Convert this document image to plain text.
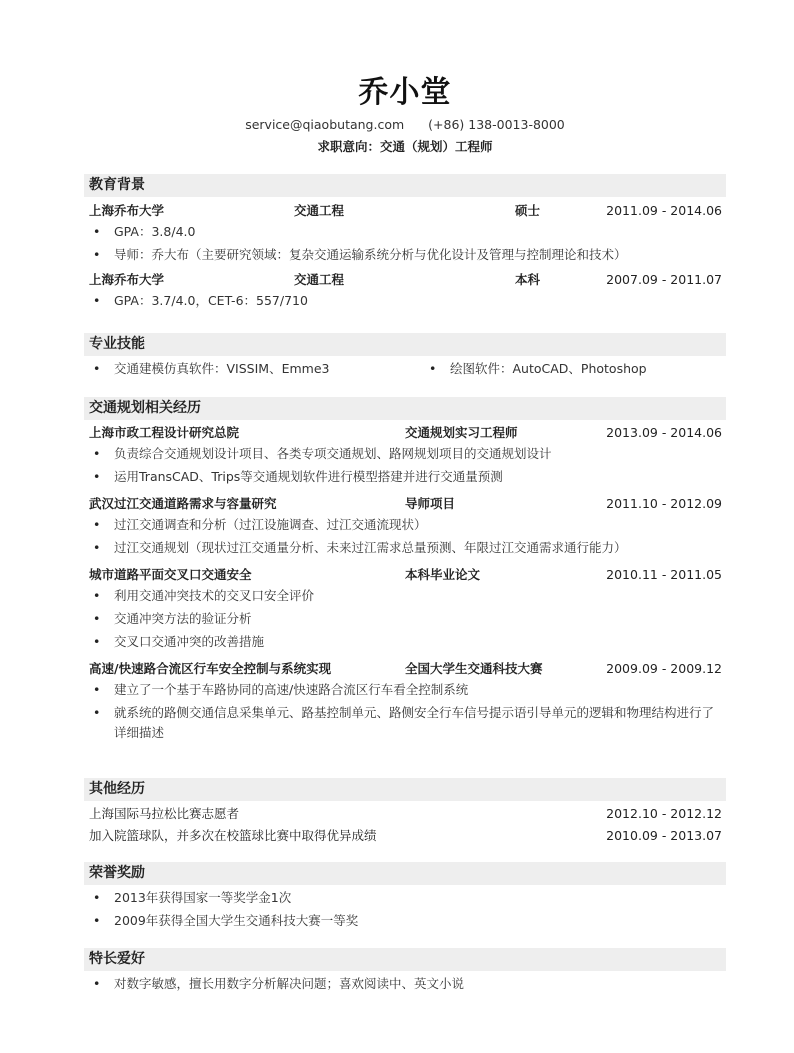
乔小堂
service@qiaobutang.com (+86) 138-0013-8000
求职意向：交通（规划）工程师
教育背景
上海乔布大学	交通工程	硕士	2011.09 - 2014.06
• GPA：3.8/4.0
• 导师：乔大布（主要研究领域：复杂交通运输系统分析与优化设计及管理与控制理论和技术）
上海乔布大学	交通工程	本科	2007.09 - 2011.07
• GPA：3.7/4.0，CET-6：557/710
专业技能
• 交通建模仿真软件：VISSIM、Emme3
•	绘图软件：AutoCAD、Photoshop
交通规划相关经历
上海市政工程设计研究总院	交通规划实习工程师	2013.09 - 2014.06
• 负责综合交通规划设计项目、各类专项交通规划、路网规划项目的交通规划设计
• 运用TransCAD、Trips等交通规划软件进行模型搭建并进行交通量预测
武汉过江交通道路需求与容量研究	导师项目	2011.10 - 2012.09
• 过江交通调查和分析（过江设施调查、过江交通流现状）
• 过江交通规划（现状过江交通量分析、未来过江需求总量预测、年限过江交通需求通行能力）
城市道路平面交叉口交通安全	本科毕业论文	2010.11 - 2011.05
• 利用交通冲突技术的交叉口安全评价
• 交通冲突方法的验证分析
• 交叉口交通冲突的改善措施
高速/快速路合流区行车安全控制与系统实现	全国大学生交通科技大赛	2009.09 - 2009.12
• 建立了一个基于车路协同的高速/快速路合流区行车看全控制系统
• 就系统的路侧交通信息采集单元、路基控制单元、路侧安全行车信号提示语引导单元的逻辑和物理结构进行了详细描述
其他经历
上海国际马拉松比赛志愿者	2012.10 - 2012.12
加入院篮球队，并多次在校篮球比赛中取得优异成绩	2010.09 - 2013.07
荣誉奖励
• 2013年获得国家一等奖学金1次
• 2009年获得全国大学生交通科技大赛一等奖
特长爱好
• 对数字敏感，擅长用数字分析解决问题；喜欢阅读中、英文小说
